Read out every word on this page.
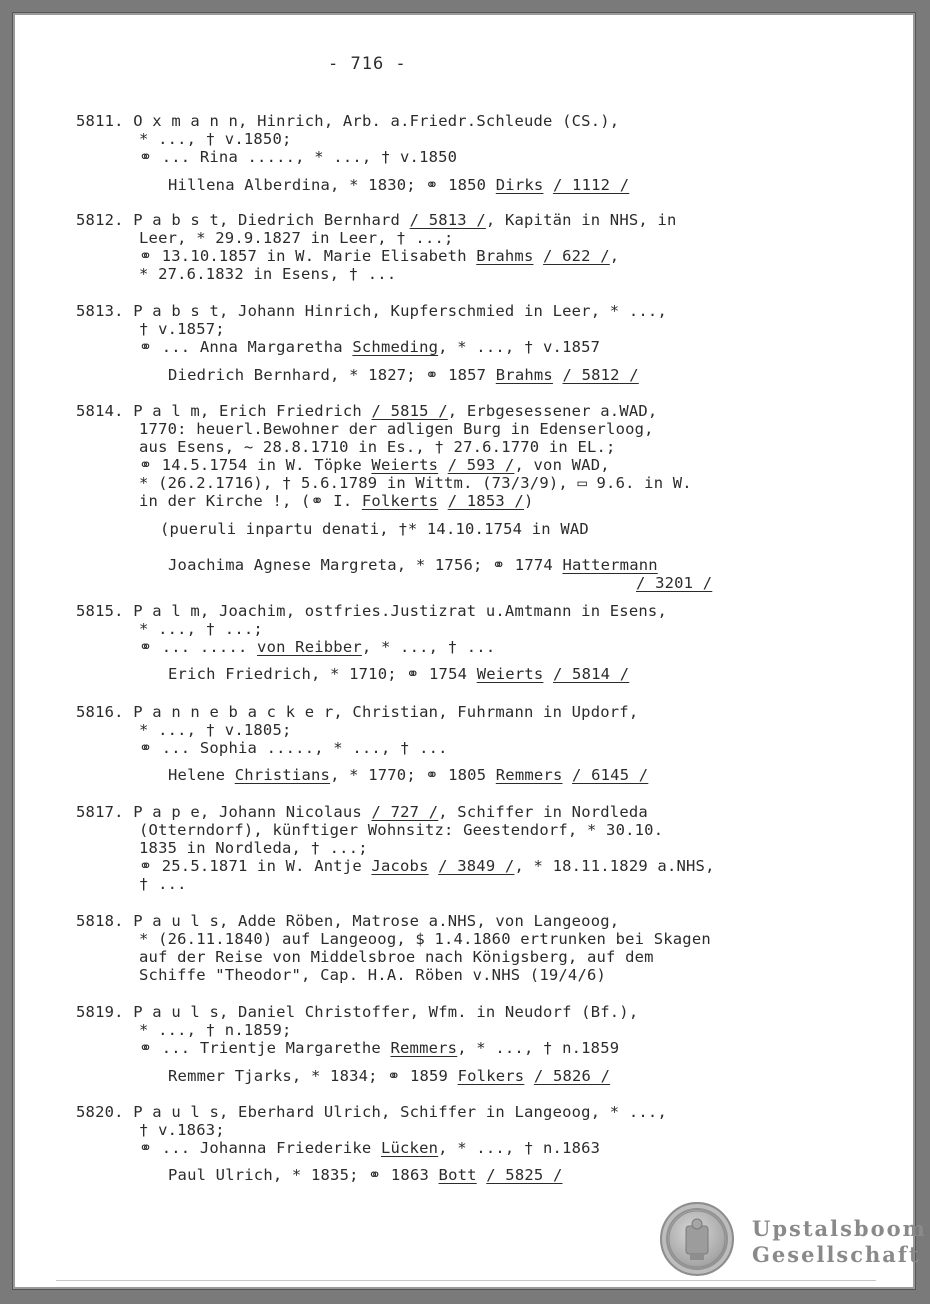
- 716 -
5811. O x m a n n, Hinrich, Arb. a.Friedr.Schleude (CS.),
* ..., † v.1850;
⚭ ... Rina ....., * ..., † v.1850
Hillena Alberdina, * 1830; ⚭ 1850 Dirks / 1112 /
5812. P a b s t, Diedrich Bernhard / 5813 /, Kapitän in NHS, in
Leer, * 29.9.1827 in Leer, † ...;
⚭ 13.10.1857 in W. Marie Elisabeth Brahms / 622 /,
* 27.6.1832 in Esens, † ...
5813. P a b s t, Johann Hinrich, Kupferschmied in Leer, * ...,
† v.1857;
⚭ ... Anna Margaretha Schmeding, * ..., † v.1857
Diedrich Bernhard, * 1827; ⚭ 1857 Brahms / 5812 /
5814. P a l m, Erich Friedrich / 5815 /, Erbgesessener a.WAD,
1770: heuerl.Bewohner der adligen Burg in Edenserloog,
aus Esens, ~ 28.8.1710 in Es., † 27.6.1770 in EL.;
⚭ 14.5.1754 in W. Töpke Weierts / 593 /, von WAD,
* (26.2.1716), † 5.6.1789 in Wittm. (73/3/9), ▭ 9.6. in W.
in der Kirche !, (⚭ I. Folkerts / 1853 /)
(pueruli inpartu denati, †* 14.10.1754 in WAD
Joachima Agnese Margreta, * 1756; ⚭ 1774 Hattermann
/ 3201 /
5815. P a l m, Joachim, ostfries.Justizrat u.Amtmann in Esens,
* ..., † ...;
⚭ ... ..... von Reibber, * ..., † ...
Erich Friedrich, * 1710; ⚭ 1754 Weierts / 5814 /
5816. P a n n e b a c k e r, Christian, Fuhrmann in Updorf,
* ..., † v.1805;
⚭ ... Sophia ....., * ..., † ...
Helene Christians, * 1770; ⚭ 1805 Remmers / 6145 /
5817. P a p e, Johann Nicolaus / 727 /, Schiffer in Nordleda
(Otterndorf), künftiger Wohnsitz: Geestendorf, * 30.10.
1835 in Nordleda, † ...;
⚭ 25.5.1871 in W. Antje Jacobs / 3849 /, * 18.11.1829 a.NHS,
† ...
5818. P a u l s, Adde Röben, Matrose a.NHS, von Langeoog,
* (26.11.1840) auf Langeoog, $ 1.4.1860 ertrunken bei Skagen
auf der Reise von Middelsbroe nach Königsberg, auf dem
Schiffe "Theodor", Cap. H.A. Röben v.NHS (19/4/6)
5819. P a u l s, Daniel Christoffer, Wfm. in Neudorf (Bf.),
* ..., † n.1859;
⚭ ... Trientje Margarethe Remmers, * ..., † n.1859
Remmer Tjarks, * 1834; ⚭ 1859 Folkers / 5826 /
5820. P a u l s, Eberhard Ulrich, Schiffer in Langeoog, * ...,
† v.1863;
⚭ ... Johanna Friederike Lücken, * ..., † n.1863
Paul Ulrich, * 1835; ⚭ 1863 Bott / 5825 /
Upstalsboom
Gesellschaft
